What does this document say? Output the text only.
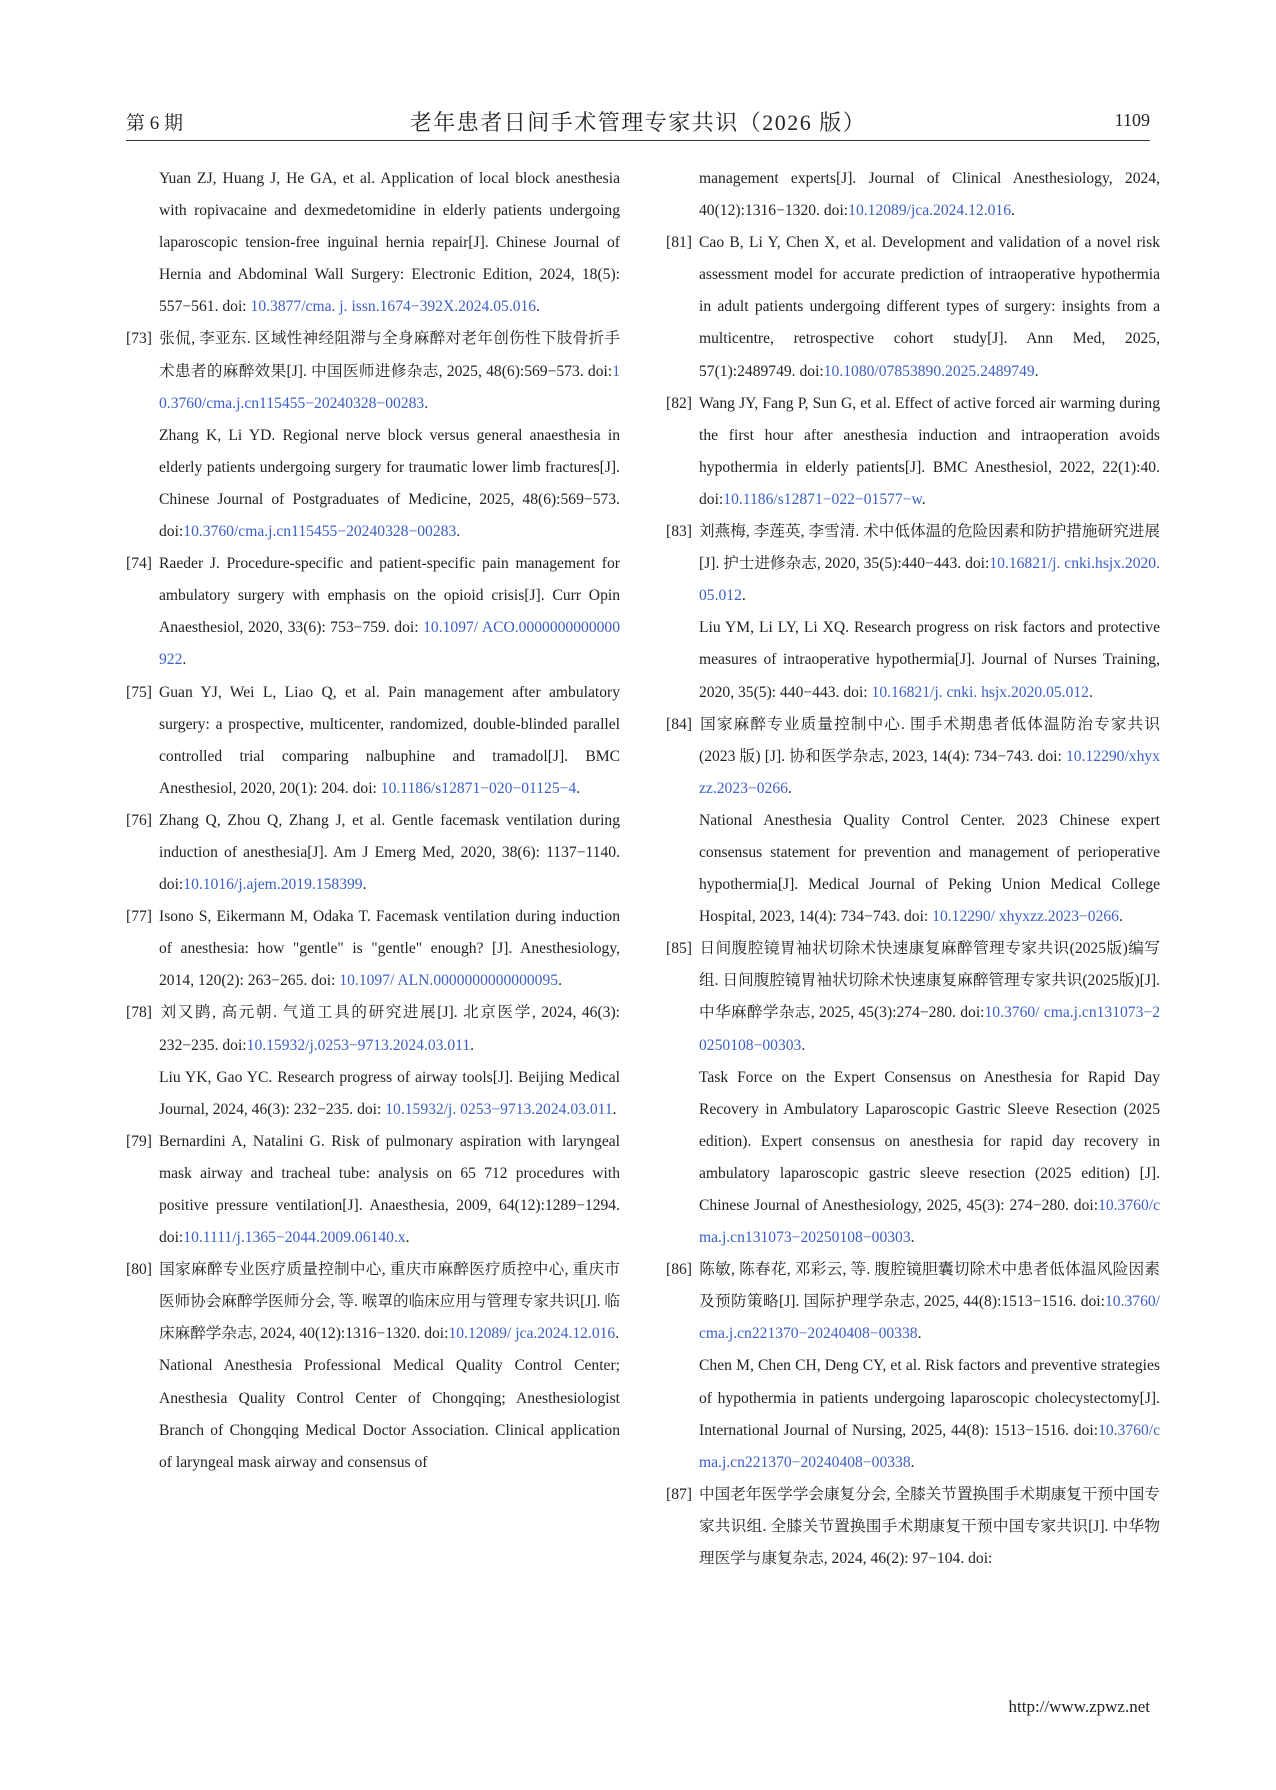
第 6 期	老年患者日间手术管理专家共识（2026 版）	1109
Yuan ZJ, Huang J, He GA, et al. Application of local block anesthesia with ropivacaine and dexmedetomidine in elderly patients undergoing laparoscopic tension-free inguinal hernia repair[J]. Chinese Journal of Hernia and Abdominal Wall Surgery: Electronic Edition, 2024, 18(5): 557−561. doi: 10.3877/cma. j. issn.1674−392X.2024.05.016.
[73] 张侃, 李亚东. 区域性神经阻滞与全身麻醉对老年创伤性下肢骨折手术患者的麻醉效果[J]. 中国医师进修杂志, 2025, 48(6):569−573. doi:10.3760/cma.j.cn115455−20240328−00283.
Zhang K, Li YD. Regional nerve block versus general anaesthesia in elderly patients undergoing surgery for traumatic lower limb fractures[J]. Chinese Journal of Postgraduates of Medicine, 2025, 48(6):569−573. doi:10.3760/cma.j.cn115455−20240328−00283.
[74] Raeder J. Procedure-specific and patient-specific pain management for ambulatory surgery with emphasis on the opioid crisis[J]. Curr Opin Anaesthesiol, 2020, 33(6): 753−759. doi: 10.1097/ ACO.0000000000000922.
[75] Guan YJ, Wei L, Liao Q, et al. Pain management after ambulatory surgery: a prospective, multicenter, randomized, double-blinded parallel controlled trial comparing nalbuphine and tramadol[J]. BMC Anesthesiol, 2020, 20(1): 204. doi: 10.1186/s12871−020−01125−4.
[76] Zhang Q, Zhou Q, Zhang J, et al. Gentle facemask ventilation during induction of anesthesia[J]. Am J Emerg Med, 2020, 38(6): 1137−1140. doi:10.1016/j.ajem.2019.158399.
[77] Isono S, Eikermann M, Odaka T. Facemask ventilation during induction of anesthesia: how "gentle" is "gentle" enough? [J]. Anesthesiology, 2014, 120(2): 263−265. doi: 10.1097/ ALN.0000000000000095.
[78] 刘又鹍, 高元朝. 气道工具的研究进展[J]. 北京医学, 2024, 46(3): 232−235. doi:10.15932/j.0253−9713.2024.03.011.
Liu YK, Gao YC. Research progress of airway tools[J]. Beijing Medical Journal, 2024, 46(3): 232−235. doi: 10.15932/j. 0253−9713.2024.03.011.
[79] Bernardini A, Natalini G. Risk of pulmonary aspiration with laryngeal mask airway and tracheal tube: analysis on 65 712 procedures with positive pressure ventilation[J]. Anaesthesia, 2009, 64(12):1289−1294. doi:10.1111/j.1365−2044.2009.06140.x.
[80] 国家麻醉专业医疗质量控制中心, 重庆市麻醉医疗质控中心, 重庆市医师协会麻醉学医师分会, 等. 喉罩的临床应用与管理专家共识[J]. 临床麻醉学杂志, 2024, 40(12):1316−1320. doi:10.12089/ jca.2024.12.016.
National Anesthesia Professional Medical Quality Control Center; Anesthesia Quality Control Center of Chongqing; Anesthesiologist Branch of Chongqing Medical Doctor Association. Clinical application of laryngeal mask airway and consensus of
management experts[J]. Journal of Clinical Anesthesiology, 2024, 40(12):1316−1320. doi:10.12089/jca.2024.12.016.
[81] Cao B, Li Y, Chen X, et al. Development and validation of a novel risk assessment model for accurate prediction of intraoperative hypothermia in adult patients undergoing different types of surgery: insights from a multicentre, retrospective cohort study[J]. Ann Med, 2025, 57(1):2489749. doi:10.1080/07853890.2025.2489749.
[82] Wang JY, Fang P, Sun G, et al. Effect of active forced air warming during the first hour after anesthesia induction and intraoperation avoids hypothermia in elderly patients[J]. BMC Anesthesiol, 2022, 22(1):40. doi:10.1186/s12871−022−01577−w.
[83] 刘燕梅, 李莲英, 李雪清. 术中低体温的危险因素和防护措施研究进展[J]. 护士进修杂志, 2020, 35(5):440−443. doi:10.16821/j. cnki.hsjx.2020.05.012.
Liu YM, Li LY, Li XQ. Research progress on risk factors and protective measures of intraoperative hypothermia[J]. Journal of Nurses Training, 2020, 35(5): 440−443. doi: 10.16821/j. cnki. hsjx.2020.05.012.
[84] 国家麻醉专业质量控制中心. 围手术期患者低体温防治专家共识(2023 版) [J]. 协和医学杂志, 2023, 14(4): 734−743. doi: 10.12290/xhyxzz.2023−0266.
National Anesthesia Quality Control Center. 2023 Chinese expert consensus statement for prevention and management of perioperative hypothermia[J]. Medical Journal of Peking Union Medical College Hospital, 2023, 14(4): 734−743. doi: 10.12290/ xhyxzz.2023−0266.
[85] 日间腹腔镜胃袖状切除术快速康复麻醉管理专家共识(2025版)编写组. 日间腹腔镜胃袖状切除术快速康复麻醉管理专家共识(2025版)[J]. 中华麻醉学杂志, 2025, 45(3):274−280. doi:10.3760/ cma.j.cn131073−20250108−00303.
Task Force on the Expert Consensus on Anesthesia for Rapid Day Recovery in Ambulatory Laparoscopic Gastric Sleeve Resection (2025 edition). Expert consensus on anesthesia for rapid day recovery in ambulatory laparoscopic gastric sleeve resection (2025 edition) [J]. Chinese Journal of Anesthesiology, 2025, 45(3): 274−280. doi:10.3760/cma.j.cn131073−20250108−00303.
[86] 陈敏, 陈春花, 邓彩云, 等. 腹腔镜胆囊切除术中患者低体温风险因素及预防策略[J]. 国际护理学杂志, 2025, 44(8):1513−1516. doi:10.3760/cma.j.cn221370−20240408−00338.
Chen M, Chen CH, Deng CY, et al. Risk factors and preventive strategies of hypothermia in patients undergoing laparoscopic cholecystectomy[J]. International Journal of Nursing, 2025, 44(8): 1513−1516. doi:10.3760/cma.j.cn221370−20240408−00338.
[87] 中国老年医学学会康复分会, 全膝关节置换围手术期康复干预中国专家共识组. 全膝关节置换围手术期康复干预中国专家共识[J]. 中华物理医学与康复杂志, 2024, 46(2): 97−104. doi:
http://www.zpwz.net
